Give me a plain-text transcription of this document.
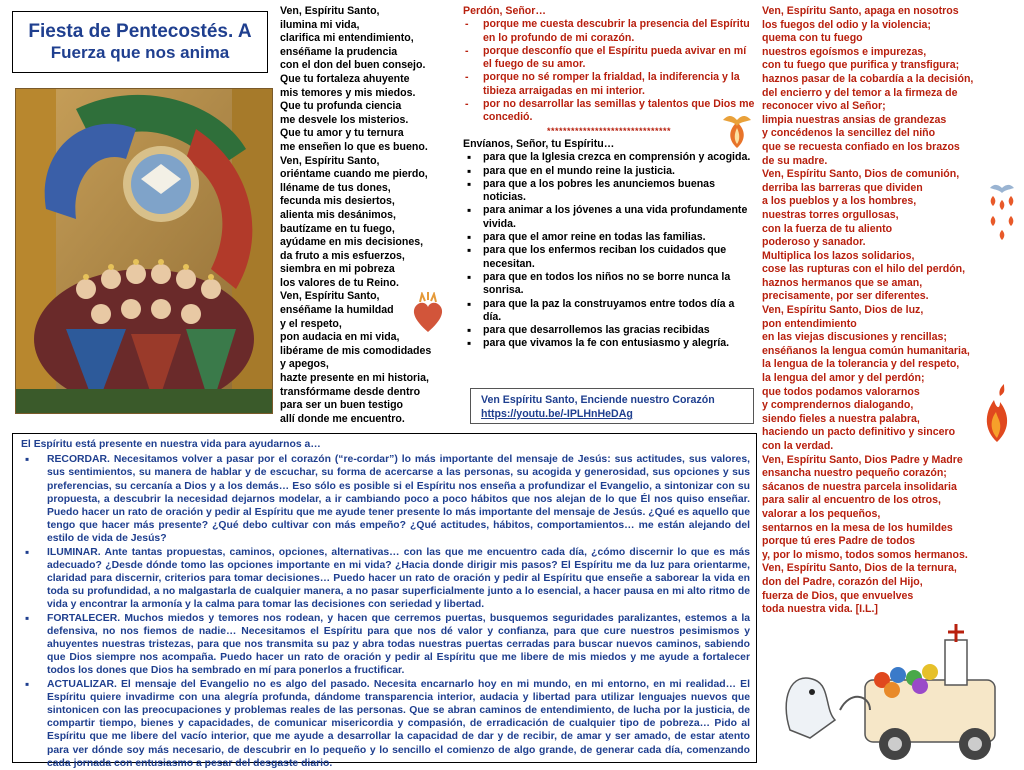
Fiesta de Pentecostés. A
Fuerza que nos anima
Ven, Espíritu Santo,
ilumina mi vida,
clarifica mi entendimiento,
enséñame la prudencia
con el don del buen consejo.
Que tu fortaleza ahuyente
mis temores y mis miedos.
Que tu profunda ciencia
me desvele los misterios.
Que tu amor y tu ternura
me enseñen lo que es bueno.
Ven, Espíritu Santo,
oriéntame cuando me pierdo,
lléname de tus dones,
fecunda mis desiertos,
alienta mis desánimos,
bautízame en tu fuego,
ayúdame en mis decisiones,
da fruto a mis esfuerzos,
siembra en mi pobreza
los valores de tu Reino.
Ven, Espíritu Santo,
enséñame la humildad
y el respeto,
pon audacia en mi vida,
libérame de mis comodidades
y apegos,
hazte presente en mi historia,
transfórmame desde dentro
para ser un buen testigo
allí donde me encuentro.
Perdón, Señor…
- porque me cuesta descubrir la presencia del Espíritu en lo profundo de mi corazón.
- porque desconfío que el Espíritu pueda avivar en mí el fuego de su amor.
- porque no sé romper la frialdad, la indiferencia y la tibieza arraigadas en mi interior.
- por no desarrollar las semillas y talentos que Dios me concedió.
*******************************
Envíanos, Señor, tu Espíritu…
▪ para que la Iglesia crezca en comprensión y acogida.
▪ para que en el mundo reine la justicia.
▪ para que a los pobres les anunciemos buenas noticias.
▪ para animar a los jóvenes a una vida profundamente vivida.
▪ para que el amor reine en todas las familias.
▪ para que los enfermos reciban los cuidados que necesitan.
▪ para que en todos los niños no se borre nunca la sonrisa.
▪ para que la paz la construyamos entre todos día a día.
▪ para que desarrollemos las gracias recibidas
▪ para que vivamos la fe con entusiasmo y alegría.
Ven Espíritu Santo, Enciende nuestro Corazón
https://youtu.be/-IPLHnHeDAg
Ven, Espíritu Santo, apaga en nosotros
los fuegos del odio y la violencia;
quema con tu fuego
nuestros egoísmos e impurezas,
con tu fuego que purifica y transfigura;
haznos pasar de la cobardía a la decisión,
del encierro y del temor a la firmeza de
reconocer vivo al Señor;
limpia nuestras ansias de grandezas
y concédenos la sencillez del niño
que se recuesta confiado en los brazos
de su madre.
Ven, Espíritu Santo, Dios de comunión,
derriba las barreras que dividen
a los pueblos y a los hombres,
nuestras torres orgullosas,
con la fuerza de tu aliento
poderoso y sanador.
Multiplica los lazos solidarios,
cose las rupturas con el hilo del perdón,
haznos hermanos que se aman,
precisamente, por ser diferentes.
Ven, Espíritu Santo, Dios de luz,
pon entendimiento
en las viejas discusiones y rencillas;
enséñanos la lengua común humanitaria,
la lengua de la tolerancia y del respeto,
la lengua del amor y del perdón;
que todos podamos valorarnos
y comprendernos dialogando,
siendo fieles a nuestra palabra,
haciendo un pacto definitivo y sincero
con la verdad.
Ven, Espíritu Santo, Dios Padre y Madre
ensancha nuestro pequeño corazón;
sácanos de nuestra parcela insolidaria
para salir al encuentro de los otros,
valorar a los pequeños,
sentarnos en la mesa de los humildes
porque tú eres Padre de todos
y, por lo mismo, todos somos hermanos.
Ven, Espíritu Santo, Dios de la ternura,
don del Padre, corazón del Hijo,
fuerza de Dios, que envuelves
toda nuestra vida. [I.L.]
El Espíritu está presente en nuestra vida para ayudarnos a…
▪ RECORDAR. Necesitamos volver a pasar por el corazón (“re-cordar”) lo más importante del mensaje de Jesús: sus actitudes, sus valores, sus sentimientos, su manera de hablar y de escuchar, su forma de acercarse a las personas, su acogida y generosidad, sus opciones y sus preferencias, su cercanía a Dios y a los demás… Eso sólo es posible si el Espíritu nos enseña a profundizar el Evangelio, a sintonizar con su propuesta, a descubrir la necesidad dejarnos modelar, a ir cambiando poco a poco hábitos que nos alejan de lo que Él nos quiso enseñar. Puedo hacer un rato de oración y pedir al Espíritu que me ayude tener presente lo más importante del mensaje de Jesús. ¿Qué es aquello que tengo que hacer más presente? ¿Qué debo cultivar con más empeño? ¿Qué actitudes, hábitos, comportamientos… me están alejando del estilo de vida de Jesús?
▪ ILUMINAR. Ante tantas propuestas, caminos, opciones, alternativas… con las que me encuentro cada día, ¿cómo discernir lo que es más adecuado? ¿Desde dónde tomo las opciones importante en mi vida? ¿Hacia donde dirigir mis pasos? El Espíritu me da luz para orientarme, claridad para discernir, criterios para tomar decisiones… Puedo hacer un rato de oración y pedir al Espíritu que enseñe a saborear la vida en toda su profundidad, a no malgastarla de cualquier manera, a no pasar superficialmente junto a lo esencial, a hacer pausa en mi alto ritmo de vida y encontrar la armonía y la calma para tomar las decisiones con seriedad y libertad.
▪ FORTALECER. Muchos miedos y temores nos rodean, y hacen que cerremos puertas, busquemos seguridades paralizantes, estemos a la defensiva, no nos fiemos de nadie… Necesitamos el Espíritu para que nos dé valor y confianza, para que cure nuestros pesimismos y ahuyentes nuestras tristezas, para que nos transmita su paz y abra todas nuestras puertas cerradas para buscar nuevos caminos, sabiendo que Dios siempre nos acompaña. Puedo hacer un rato de oración y pedir al Espíritu que me libere de mis miedos y me ayude a fortalecer todos los dones que Dios ha sembrado en mí para ponerlos a fructificar.
▪ ACTUALIZAR. El mensaje del Evangelio no es algo del pasado. Necesita encarnarlo hoy en mi mundo, en mi entorno, en mi realidad… El Espíritu quiere invadirme con una alegría profunda, dándome transparencia interior, audacia y libertad para utilizar lenguajes nuevos que sintonicen con las preocupaciones y problemas reales de las personas. Que se abran caminos de entendimiento, de lucha por la justicia, de compartir tiempo, bienes y capacidades, de comunicar misericordia y compasión, de erradicación de cualquier tipo de pobreza… Pido al Espíritu que me libere del vacío interior, que me ayude a desarrollar la capacidad de dar y de recibir, de amar y ser amado, de estar atento para ver dónde soy más necesario, de descubrir en lo pequeño y lo sencillo el comienzo de algo grande, de generar cada día, comenzando cada jornada con entusiasmo a pesar del desgaste diario.
